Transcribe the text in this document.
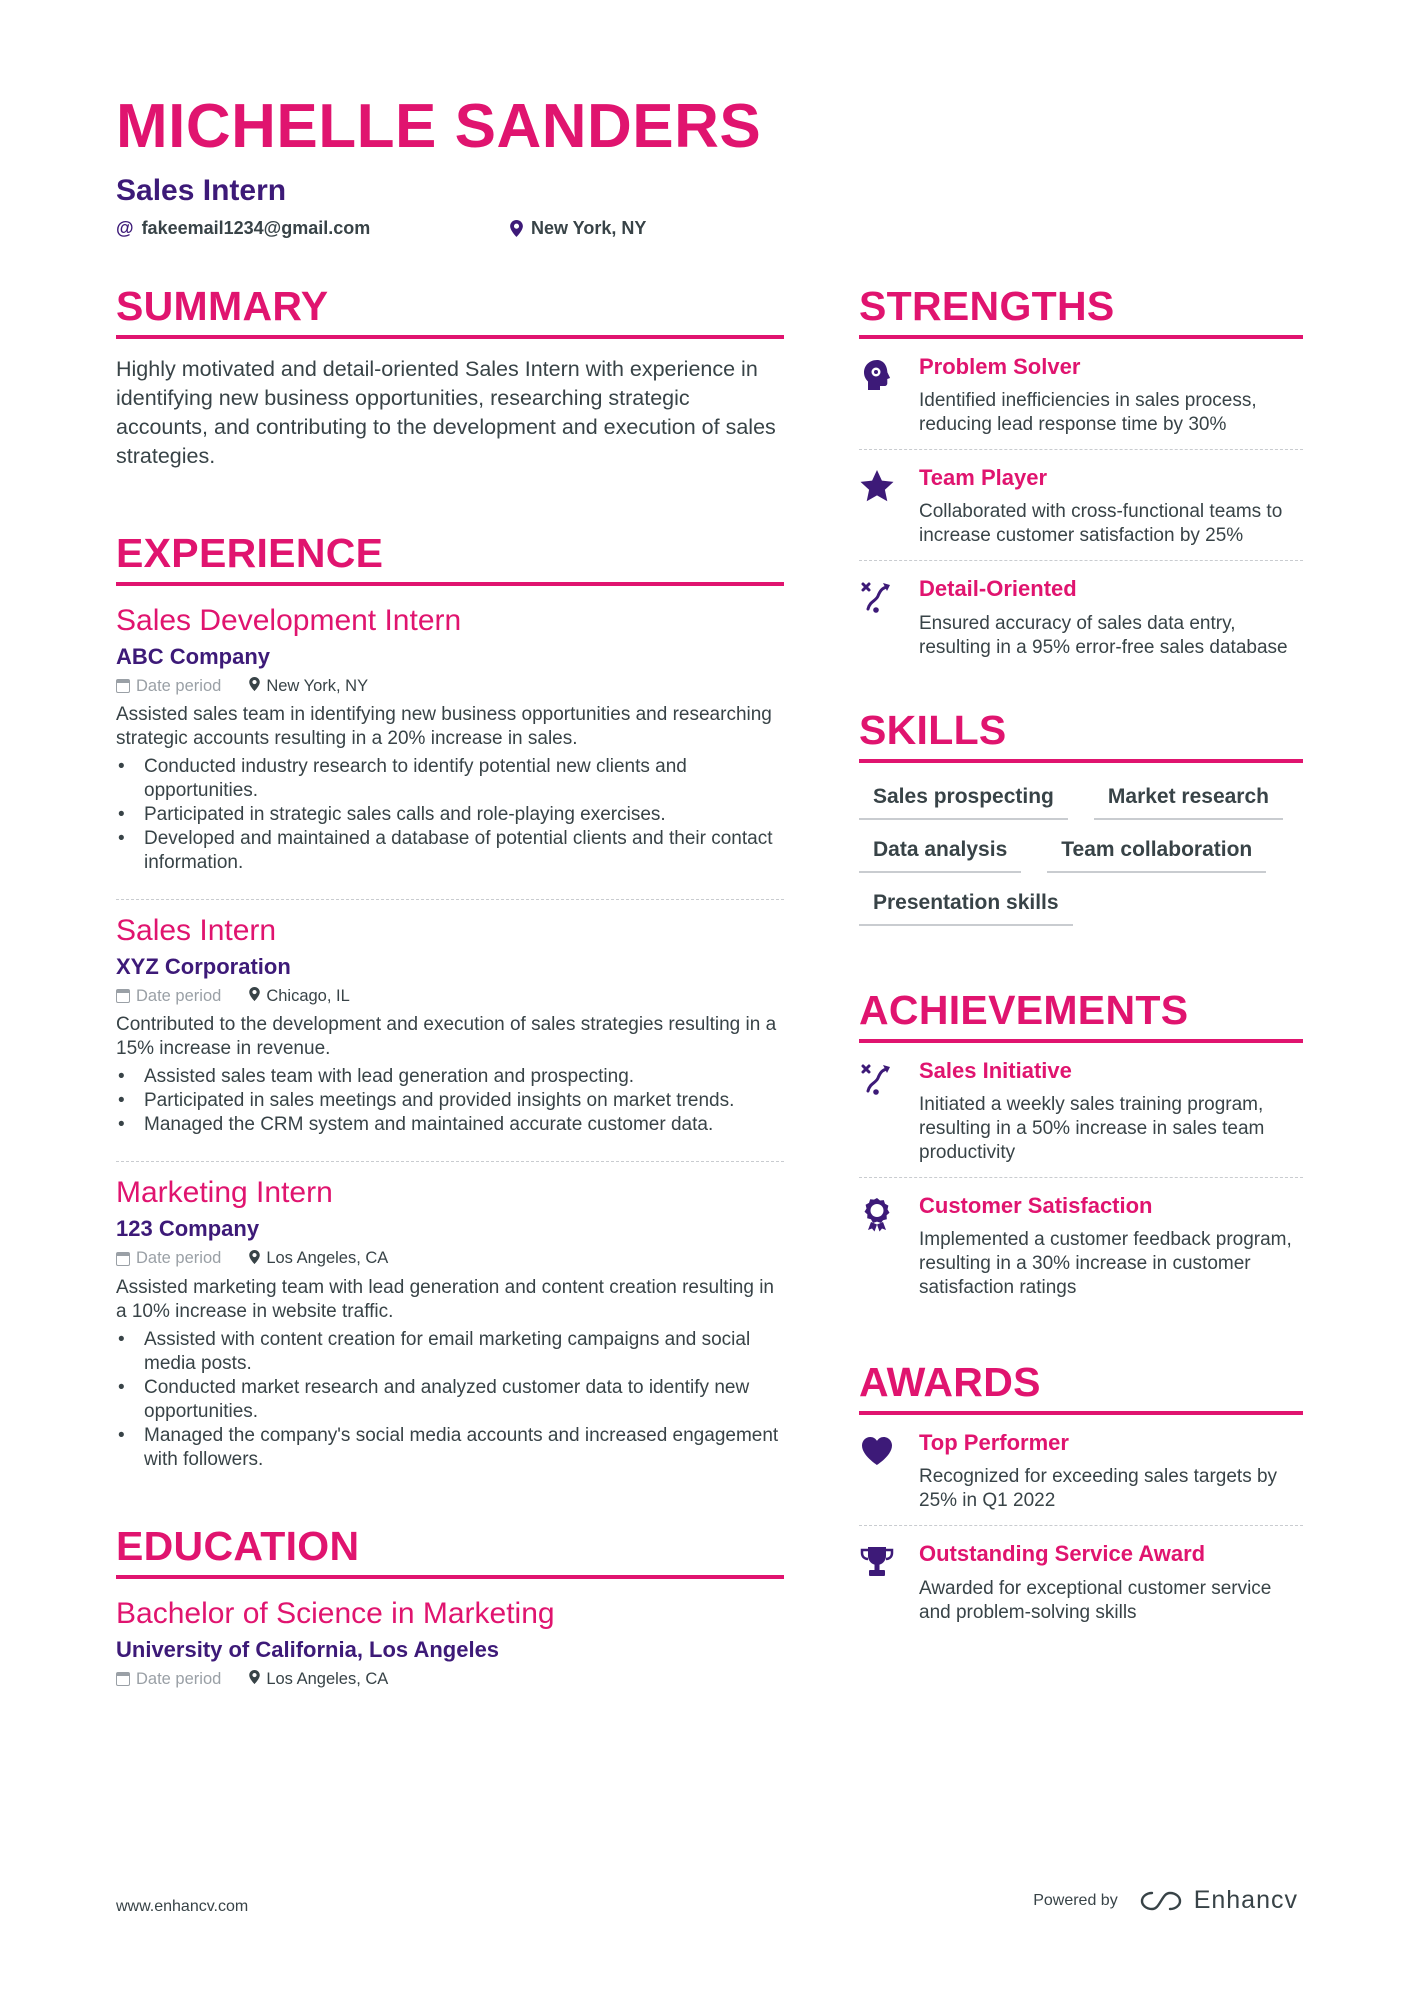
MICHELLE SANDERS
Sales Intern
@ fakeemail1234@gmail.com	New York, NY
SUMMARY
Highly motivated and detail-oriented Sales Intern with experience in identifying new business opportunities, researching strategic accounts, and contributing to the development and execution of sales strategies.
EXPERIENCE
Sales Development Intern
ABC Company
Date period	New York, NY
Assisted sales team in identifying new business opportunities and researching strategic accounts resulting in a 20% increase in sales.
• Conducted industry research to identify potential new clients and opportunities.
• Participated in strategic sales calls and role-playing exercises.
• Developed and maintained a database of potential clients and their contact information.
Sales Intern
XYZ Corporation
Date period	Chicago, IL
Contributed to the development and execution of sales strategies resulting in a 15% increase in revenue.
• Assisted sales team with lead generation and prospecting.
• Participated in sales meetings and provided insights on market trends.
• Managed the CRM system and maintained accurate customer data.
Marketing Intern
123 Company
Date period	Los Angeles, CA
Assisted marketing team with lead generation and content creation resulting in a 10% increase in website traffic.
• Assisted with content creation for email marketing campaigns and social media posts.
• Conducted market research and analyzed customer data to identify new opportunities.
• Managed the company's social media accounts and increased engagement with followers.
EDUCATION
Bachelor of Science in Marketing
University of California, Los Angeles
Date period	Los Angeles, CA
STRENGTHS
Problem Solver
Identified inefficiencies in sales process, reducing lead response time by 30%
Team Player
Collaborated with cross-functional teams to increase customer satisfaction by 25%
Detail-Oriented
Ensured accuracy of sales data entry, resulting in a 95% error-free sales database
SKILLS
Sales prospecting	Market research
Data analysis	Team collaboration
Presentation skills
ACHIEVEMENTS
Sales Initiative
Initiated a weekly sales training program, resulting in a 50% increase in sales team productivity
Customer Satisfaction
Implemented a customer feedback program, resulting in a 30% increase in customer satisfaction ratings
AWARDS
Top Performer
Recognized for exceeding sales targets by 25% in Q1 2022
Outstanding Service Award
Awarded for exceptional customer service and problem-solving skills
www.enhancv.com	Powered by	Enhancv
